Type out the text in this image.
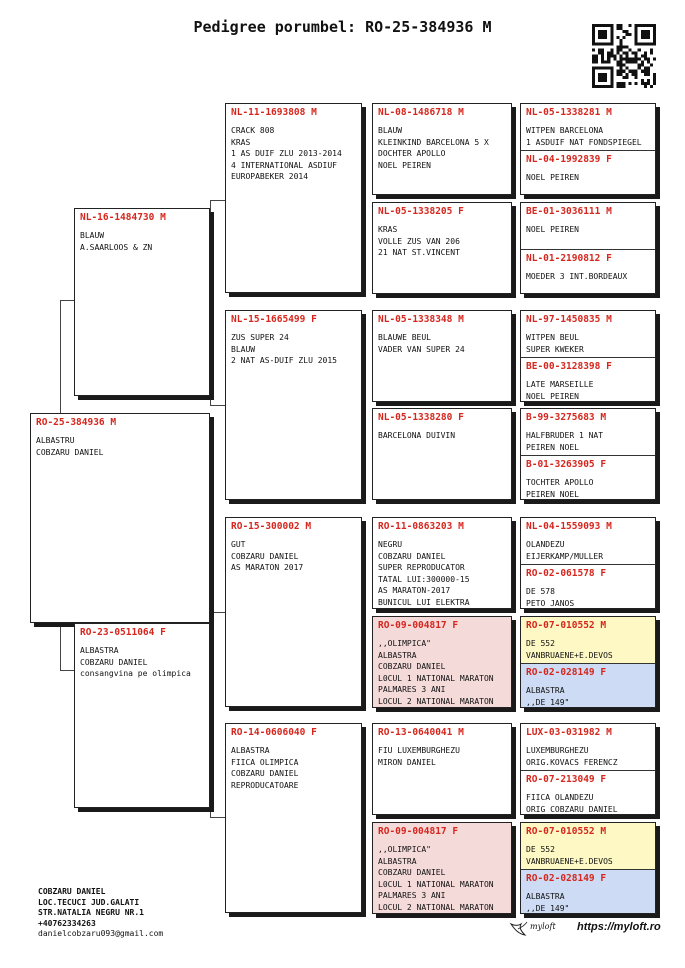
Pedigree porumbel: RO-25-384936 M
RO-25-384936 M
ALBASTRU
COBZARU DANIEL
NL-16-1484730 M
BLAUW
A.SAARLOOS & ZN
RO-23-0511064 F
ALBASTRA
COBZARU DANIEL
consangvina pe olimpica
NL-11-1693808 M
CRACK 808
KRAS
1 AS DUIF ZLU 2013-2014
4 INTERNATIONAL ASDIUF
EUROPABEKER 2014
NL-15-1665499 F
ZUS SUPER 24
BLAUW
2 NAT AS-DUIF ZLU 2015
RO-15-300002 M
GUT
COBZARU DANIEL
AS MARATON 2017
RO-14-0606040 F
ALBASTRA
FIICA OLIMPICA
COBZARU DANIEL
REPRODUCATOARE
NL-08-1486718 M
BLAUW
KLEINKIND BARCELONA 5 X
DOCHTER APOLLO
NOEL PEIREN
NL-05-1338205 F
KRAS
VOLLE ZUS VAN 206
21 NAT ST.VINCENT
NL-05-1338348 M
BLAUWE BEUL
VADER VAN SUPER 24
NL-05-1338280 F
BARCELONA DUIVIN
RO-11-0863203 M
NEGRU
COBZARU DANIEL
SUPER REPRODUCATOR
TATAL LUI:300000-15
AS MARATON-2017
BUNICUL LUI ELEKTRA
RO-09-004817 F
,,OLIMPICA"
ALBASTRA
COBZARU DANIEL
L0CUL 1 NATIONAL MARATON
PALMARES 3 ANI
LOCUL 2 NATIONAL MARATON
RO-13-0640041 M
FIU LUXEMBURGHEZU
MIRON DANIEL
RO-09-004817 F
,,OLIMPICA"
ALBASTRA
COBZARU DANIEL
L0CUL 1 NATIONAL MARATON
PALMARES 3 ANI
LOCUL 2 NATIONAL MARATON
NL-05-1338281 M
WITPEN BARCELONA
1 ASDUIF NAT FONDSPIEGEL
NL-04-1992839 F
NOEL PEIREN
BE-01-3036111 M
NOEL PEIREN
NL-01-2190812 F
MOEDER 3 INT.BORDEAUX
NL-97-1450835 M
WITPEN BEUL
SUPER KWEKER
BE-00-3128398 F
LATE MARSEILLE
NOEL PEIREN
B-99-3275683 M
HALFBRUDER 1 NAT
PEIREN NOEL
B-01-3263905 F
TOCHTER APOLLO
PEIREN NOEL
NL-04-1559093 M
OLANDEZU
EIJERKAMP/MULLER
RO-02-061578 F
DE 578
PETO JANOS
RO-07-010552 M
DE 552
VANBRUAENE+E.DEVOS
RO-02-028149 F
ALBASTRA
,,DE 149"
LUX-03-031982 M
LUXEMBURGHEZU
ORIG.KOVACS FERENCZ
RO-07-213049 F
FIICA OLANDEZU
ORIG COBZARU DANIEL
RO-07-010552 M
DE 552
VANBRUAENE+E.DEVOS
RO-02-028149 F
ALBASTRA
,,DE 149"
COBZARU DANIEL
LOC.TECUCI JUD.GALATI
STR.NATALIA NEGRU NR.1
+40762334263
danielcobzaru093@gmail.com
myloft https://myloft.ro
